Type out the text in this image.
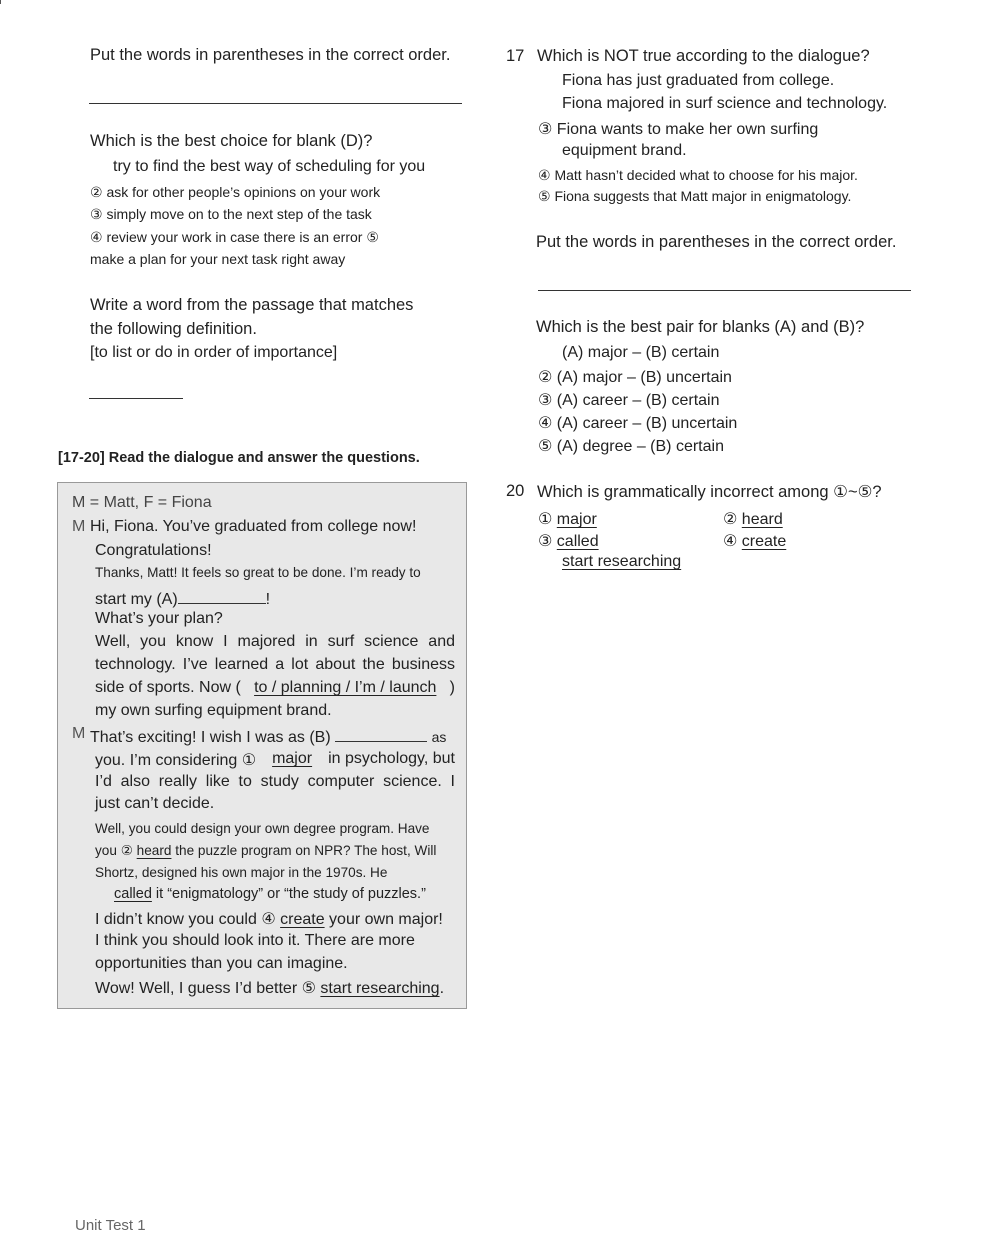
Put the words in parentheses in the correct order.
Which is the best choice for blank (D)?
try to find the best way of scheduling for you
② ask for other people’s opinions on your work
③ simply move on to the next step of the task
④ review your work in case there is an error ⑤
make a plan for your next task right away
Write a word from the passage that matches
the following definition.
[to list or do in order of importance]
[17-20] Read the dialogue and answer the questions.
M = Matt, F = Fiona
M Hi, Fiona. You’ve graduated from college now!
Congratulations!
Thanks, Matt! It feels so great to be done. I’m ready to
start my (A)	!
What’s your plan?
Well, you know I majored in surf science and
technology. I’ve learned a lot about the business
side of sports. Now ( to / planning / I’m / launch )
my own surfing equipment brand.
M That’s exciting! I wish I was as (B)	as
you. I’m considering ① major in psychology, but
I’d also really like to study computer science. I
just can’t decide.
Well, you could design your own degree program. Have
you ② heard the puzzle program on NPR? The host, Will
Shortz, designed his own major in the 1970s. He
called it “enigmatology” or “the study of puzzles.”
I didn’t know you could ④ create your own major!
I think you should look into it. There are more
opportunities than you can imagine.
Wow! Well, I guess I’d better ⑤ start researching.
17 Which is NOT true according to the dialogue?
Fiona has just graduated from college.
Fiona majored in surf science and technology.
③ Fiona wants to make her own surfing
equipment brand.
④ Matt hasn’t decided what to choose for his major.
⑤ Fiona suggests that Matt major in enigmatology.
Put the words in parentheses in the correct order.
Which is the best pair for blanks (A) and (B)?
(A) major – (B) certain
② (A) major – (B) uncertain
③ (A) career – (B) certain
④ (A) career – (B) uncertain
⑤ (A) degree – (B) certain
20 Which is grammatically incorrect among ①~⑤?
① major	② heard
③ called	④ create
start researching
Unit Test 1
